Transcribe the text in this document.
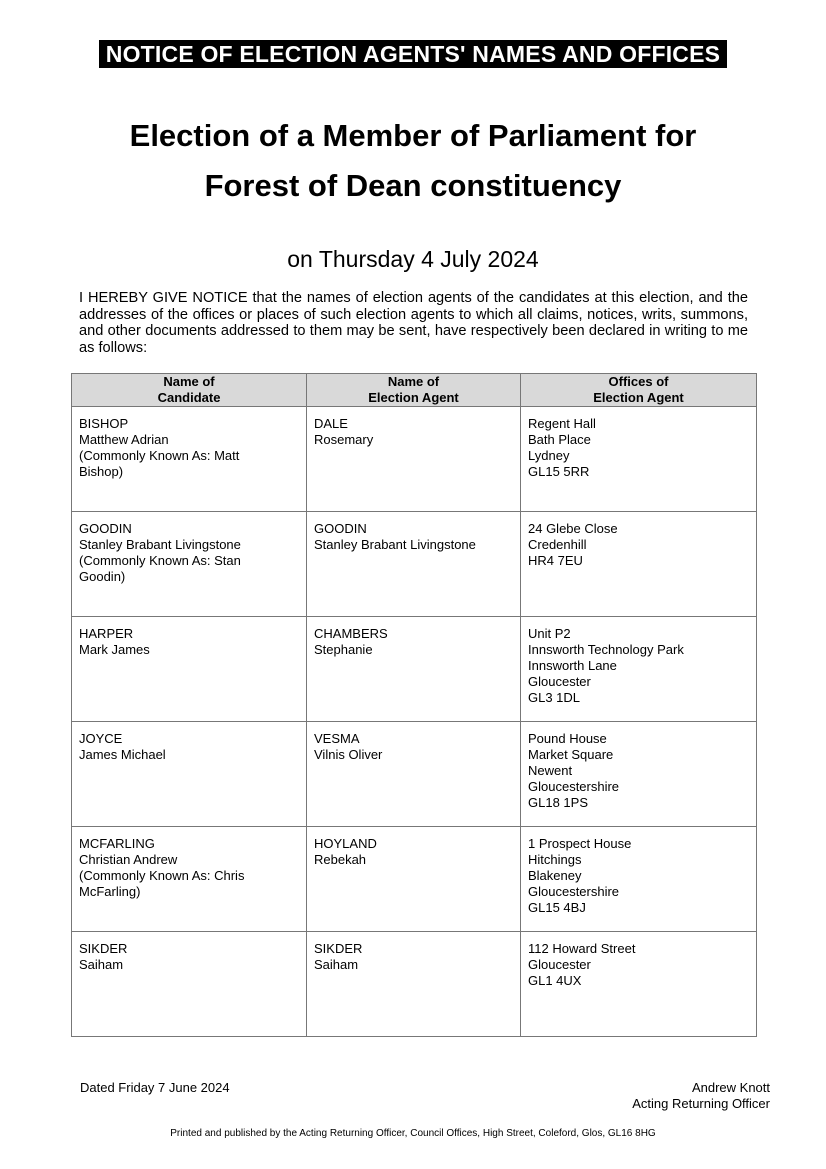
NOTICE OF ELECTION AGENTS' NAMES AND OFFICES
Election of a Member of Parliament for
Forest of Dean constituency
on Thursday 4 July 2024
I HEREBY GIVE NOTICE that the names of election agents of the candidates at this election, and the addresses of the offices or places of such election agents to which all claims, notices, writs, summons, and other documents addressed to them may be sent, have respectively been declared in writing to me as follows:
Name of
Candidate	Name of
Election Agent	Offices of
Election Agent

BISHOP
Matthew Adrian
(Commonly Known As: Matt
Bishop)	DALE
Rosemary	Regent Hall
Bath Place
Lydney
GL15 5RR

GOODIN
Stanley Brabant Livingstone
(Commonly Known As: Stan
Goodin)	GOODIN
Stanley Brabant Livingstone	24 Glebe Close
Credenhill
HR4 7EU

HARPER
Mark James	CHAMBERS
Stephanie	Unit P2
Innsworth Technology Park
Innsworth Lane
Gloucester
GL3 1DL

JOYCE
James Michael	VESMA
Vilnis Oliver	Pound House
Market Square
Newent
Gloucestershire
GL18 1PS

MCFARLING
Christian Andrew
(Commonly Known As: Chris
McFarling)	HOYLAND
Rebekah	1 Prospect House
Hitchings
Blakeney
Gloucestershire
GL15 4BJ

SIKDER
Saiham	SIKDER
Saiham	112 Howard Street
Gloucester
GL1 4UX
Dated Friday 7 June 2024	Andrew Knott
Acting Returning Officer
Printed and published by the Acting Returning Officer, Council Offices, High Street, Coleford, Glos, GL16 8HG
